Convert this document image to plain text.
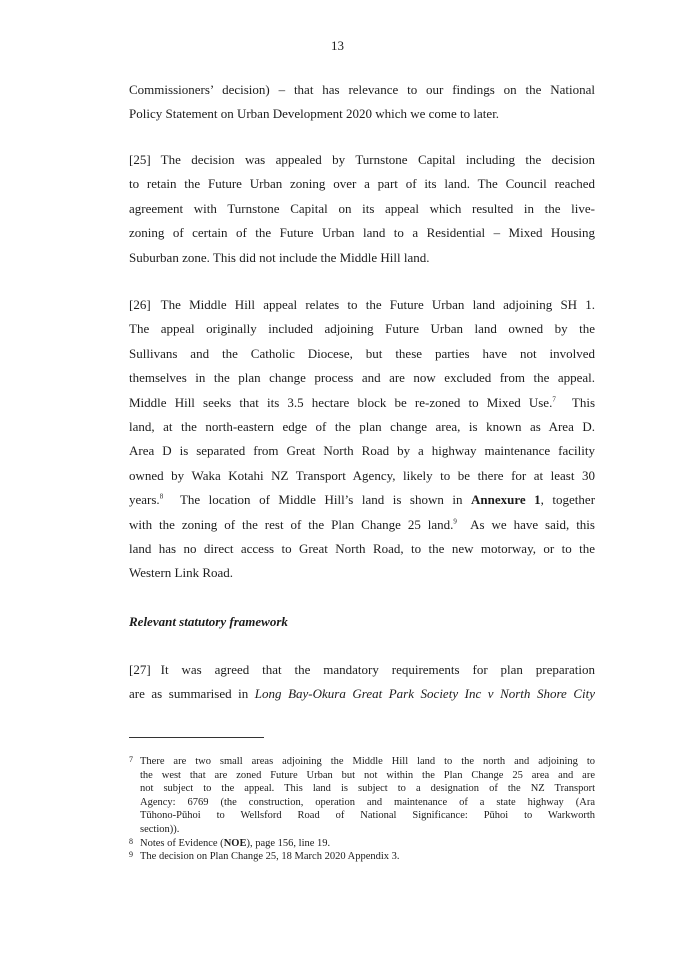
13

Commissioners’ decision) – that has relevance to our findings on the National
Policy Statement on Urban Development 2020 which we come to later.

[25] The decision was appealed by Turnstone Capital including the decision
to retain the Future Urban zoning over a part of its land. The Council reached
agreement with Turnstone Capital on its appeal which resulted in the live-
zoning of certain of the Future Urban land to a Residential – Mixed Housing
Suburban zone. This did not include the Middle Hill land.

[26] The Middle Hill appeal relates to the Future Urban land adjoining SH 1.
The appeal originally included adjoining Future Urban land owned by the
Sullivans and the Catholic Diocese, but these parties have not involved
themselves in the plan change process and are now excluded from the appeal.
Middle Hill seeks that its 3.5 hectare block be re-zoned to Mixed Use.$^7$ This
land, at the north-eastern edge of the plan change area, is known as Area D.
Area D is separated from Great North Road by a highway maintenance facility
owned by Waka Kotahi NZ Transport Agency, likely to be there for at least 30
years.$^8$ The location of Middle Hill’s land is shown in Annexure 1, together
with the zoning of the rest of the Plan Change 25 land.$^9$ As we have said, this
land has no direct access to Great North Road, to the new motorway, or to the
Western Link Road.

Relevant statutory framework

[27] It was agreed that the mandatory requirements for plan preparation
are as summarised in Long Bay-Okura Great Park Society Inc v North Shore City

7 There are two small areas adjoining the Middle Hill land to the north and adjoining to
the west that are zoned Future Urban but not within the Plan Change 25 area and are
not subject to the appeal. This land is subject to a designation of the NZ Transport
Agency: 6769 (the construction, operation and maintenance of a state highway (Ara
Tūhono-Pūhoi to Wellsford Road of National Significance: Pūhoi to Warkworth
section)).
8 Notes of Evidence (NOE), page 156, line 19.
9 The decision on Plan Change 25, 18 March 2020 Appendix 3.
